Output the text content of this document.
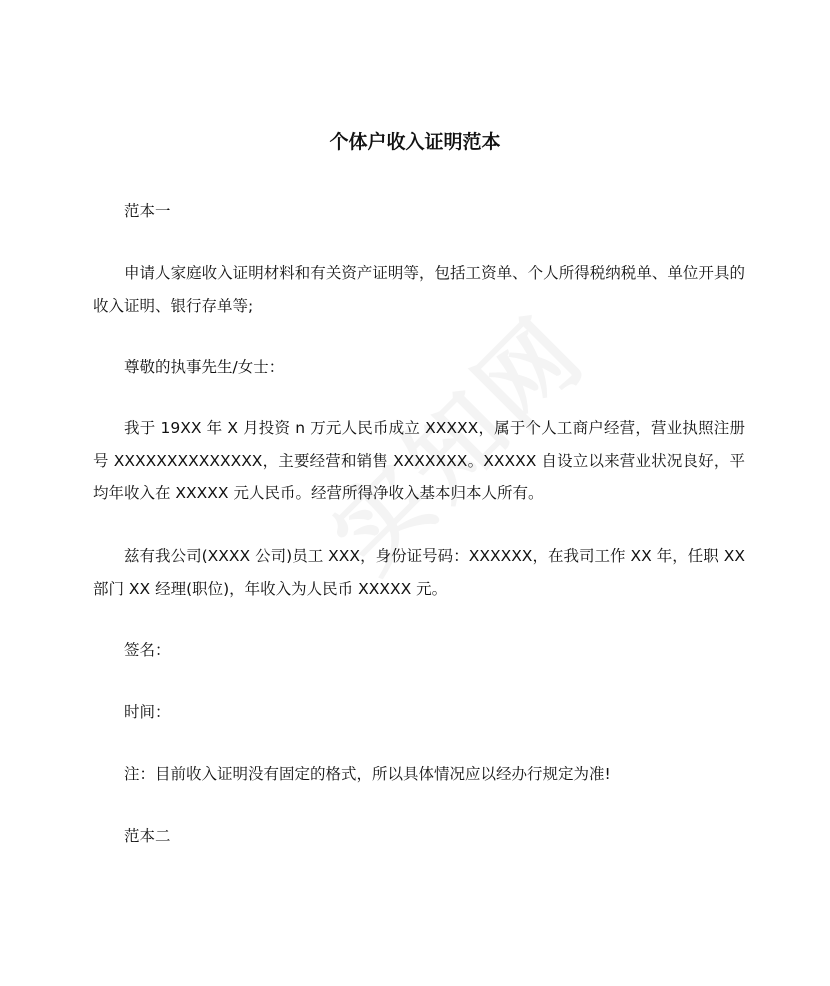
个体户收入证明范本
范本一
申请人家庭收入证明材料和有关资产证明等，包括工资单、个人所得税纳税单、单位开具的收入证明、银行存单等;
尊敬的执事先生/女士：
我于 19XX 年 X 月投资 n 万元人民币成立 XXXXX，属于个人工商户经营，营业执照注册号 XXXXXXXXXXXXXX，主要经营和销售 XXXXXXX。XXXXX 自设立以来营业状况良好，平均年收入在 XXXXX 元人民币。经营所得净收入基本归本人所有。
兹有我公司(XXXX 公司)员工 XXX，身份证号码：XXXXXX，在我司工作 XX 年，任职 XX 部门 XX 经理(职位)，年收入为人民币 XXXXX 元。
签名：
时间：
注：目前收入证明没有固定的格式，所以具体情况应以经办行规定为准!
范本二
